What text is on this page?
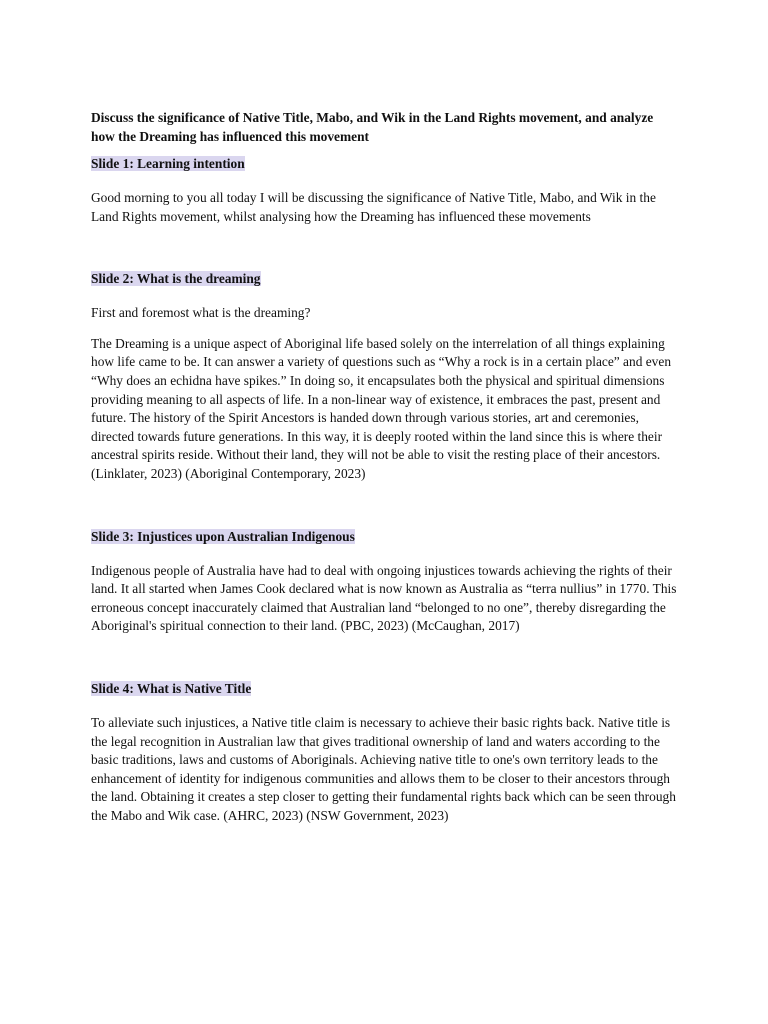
Discuss the significance of Native Title, Mabo, and Wik in the Land Rights movement, and analyze how the Dreaming has influenced this movement

Slide 1: Learning intention

Good morning to you all today I will be discussing the significance of Native Title, Mabo, and Wik in the Land Rights movement, whilst analysing how the Dreaming has influenced these movements

Slide 2: What is the dreaming

First and foremost what is the dreaming?

The Dreaming is a unique aspect of Aboriginal life based solely on the interrelation of all things explaining how life came to be. It can answer a variety of questions such as “Why a rock is in a certain place” and even “Why does an echidna have spikes.” In doing so, it encapsulates both the physical and spiritual dimensions providing meaning to all aspects of life. In a non-linear way of existence, it embraces the past, present and future. The history of the Spirit Ancestors is handed down through various stories, art and ceremonies, directed towards future generations. In this way, it is deeply rooted within the land since this is where their ancestral spirits reside. Without their land, they will not be able to visit the resting place of their ancestors. (Linklater, 2023) (Aboriginal Contemporary, 2023)

Slide 3: Injustices upon Australian Indigenous

Indigenous people of Australia have had to deal with ongoing injustices towards achieving the rights of their land. It all started when James Cook declared what is now known as Australia as “terra nullius” in 1770. This erroneous concept inaccurately claimed that Australian land “belonged to no one”, thereby disregarding the Aboriginal's spiritual connection to their land. (PBC, 2023) (McCaughan, 2017)

Slide 4: What is Native Title

To alleviate such injustices, a Native title claim is necessary to achieve their basic rights back. Native title is the legal recognition in Australian law that gives traditional ownership of land and waters according to the basic traditions, laws and customs of Aboriginals. Achieving native title to one's own territory leads to the enhancement of identity for indigenous communities and allows them to be closer to their ancestors through the land. Obtaining it creates a step closer to getting their fundamental rights back which can be seen through the Mabo and Wik case. (AHRC, 2023) (NSW Government, 2023)
